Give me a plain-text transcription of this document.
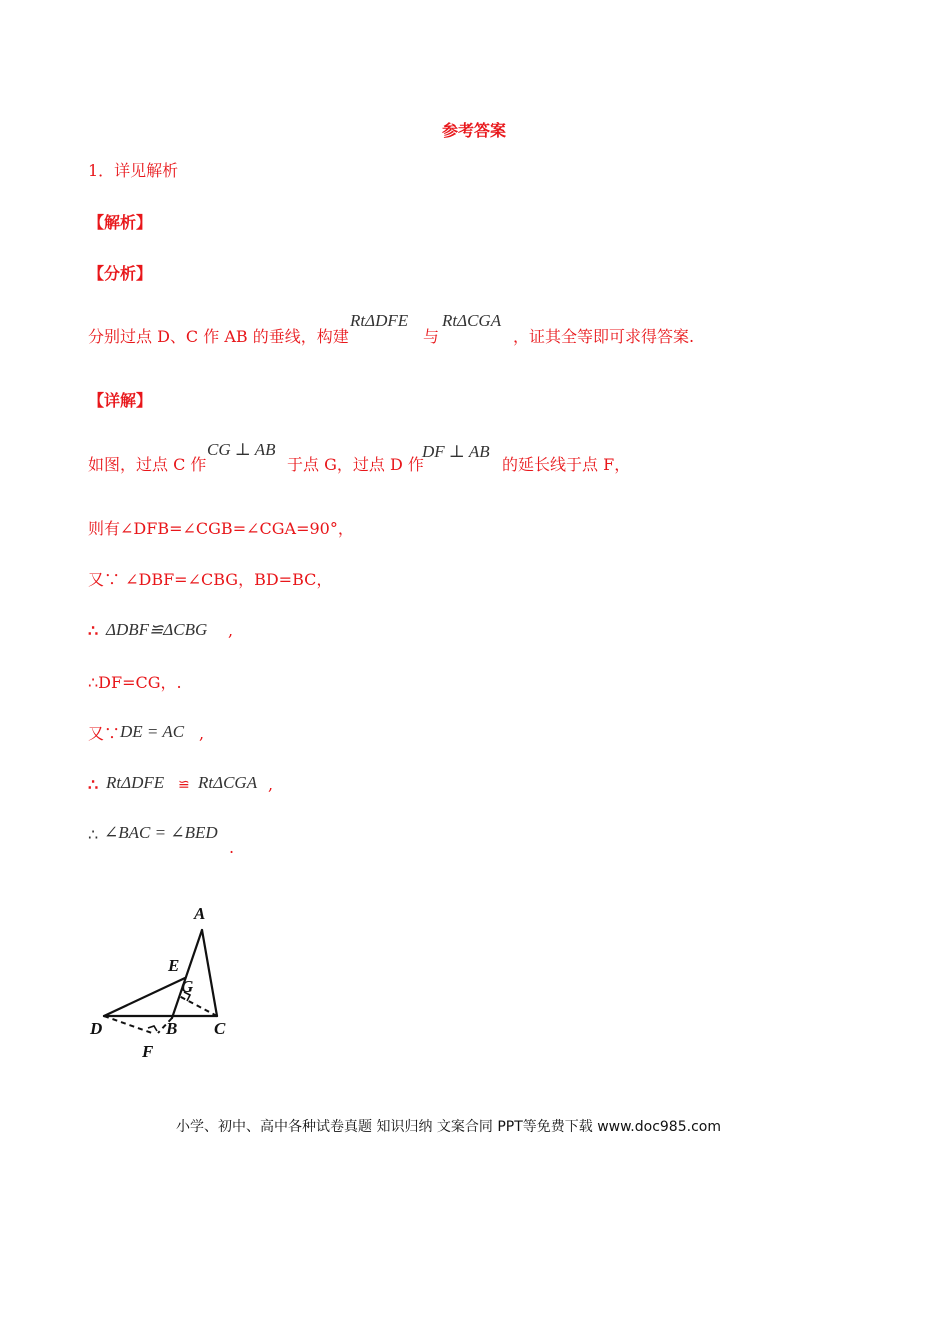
参考答案
1．详见解析
【解析】
【分析】
分别过点 D、C 作 AB 的垂线，构建
RtΔDFE
与
RtΔCGA
，证其全等即可求得答案.
【详解】
如图，过点 C 作
CG ⊥ AB
于点 G，过点 D 作
DF ⊥ AB
的延长线于点 F，
则有∠DFB=∠CGB=∠CGA=90°，
又∵ ∠DBF=∠CBG，BD=BC，
∴ ΔDBF≌ΔCBG ,
∴DF=CG，.
又∵ DE = AC ,
∴ RtΔDFE ≌ RtΔCGA ,
∴ ∠BAC = ∠BED
.
A
E
G
D	B C
F
小学、初中、高中各种试卷真题 知识归纳 文案合同 PPT等免费下载 www.doc985.com
